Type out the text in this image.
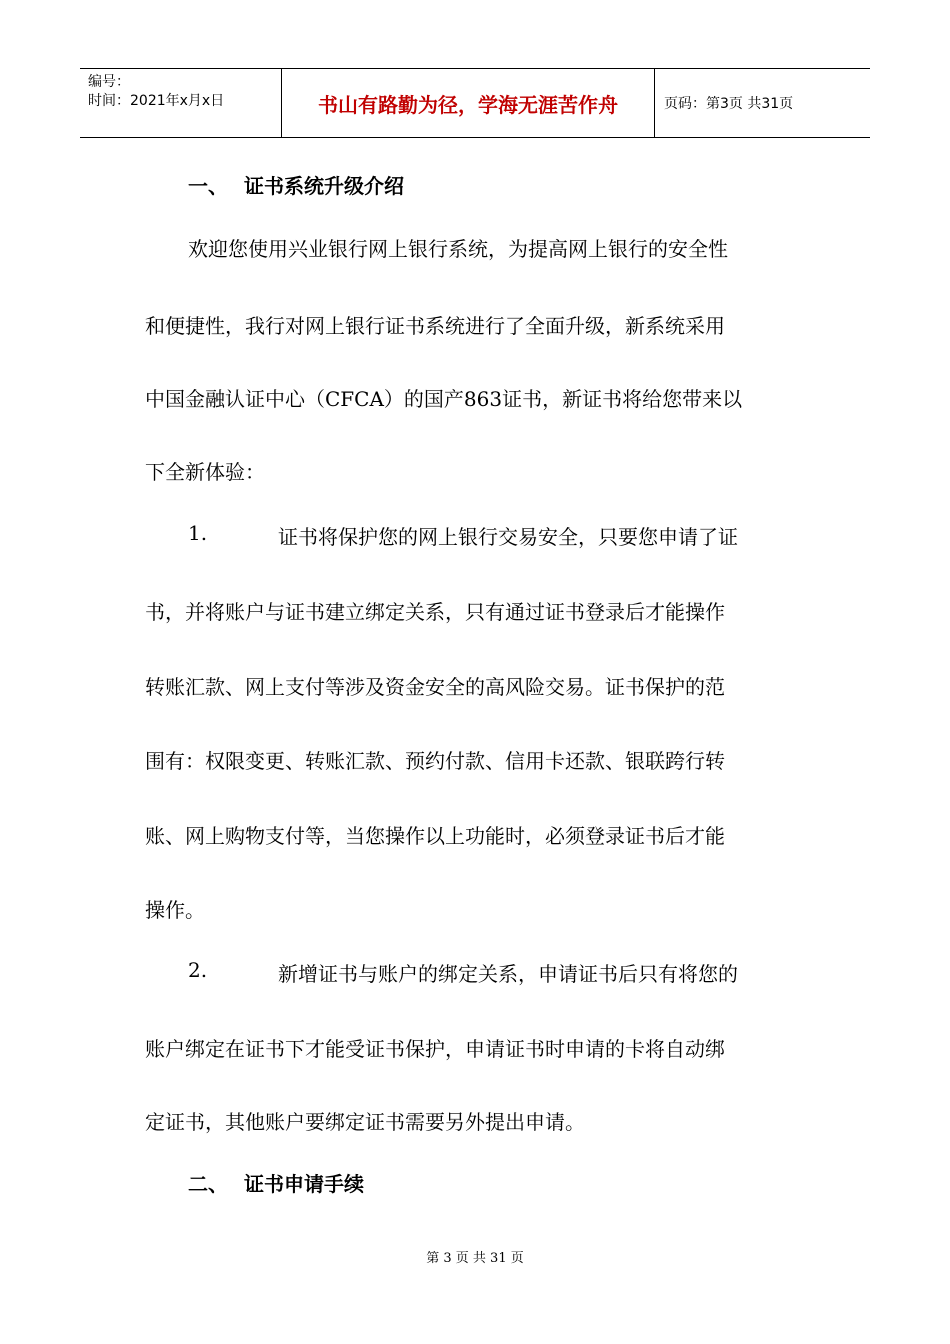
编号：
时间：2021年x月x日	书山有路勤为径，学海无涯苦作舟	页码：第3页 共31页
一、 证书系统升级介绍
欢迎您使用兴业银行网上银行系统，为提高网上银行的安全性
和便捷性，我行对网上银行证书系统进行了全面升级，新系统采用
中国金融认证中心（CFCA）的国产863证书，新证书将给您带来以
下全新体验：
1.	证书将保护您的网上银行交易安全，只要您申请了证
书，并将账户与证书建立绑定关系，只有通过证书登录后才能操作
转账汇款、网上支付等涉及资金安全的高风险交易。证书保护的范
围有：权限变更、转账汇款、预约付款、信用卡还款、银联跨行转
账、网上购物支付等，当您操作以上功能时，必须登录证书后才能
操作。
2.	新增证书与账户的绑定关系，申请证书后只有将您的
账户绑定在证书下才能受证书保护，申请证书时申请的卡将自动绑
定证书，其他账户要绑定证书需要另外提出申请。
二、 证书申请手续
第 3 页 共 31 页
